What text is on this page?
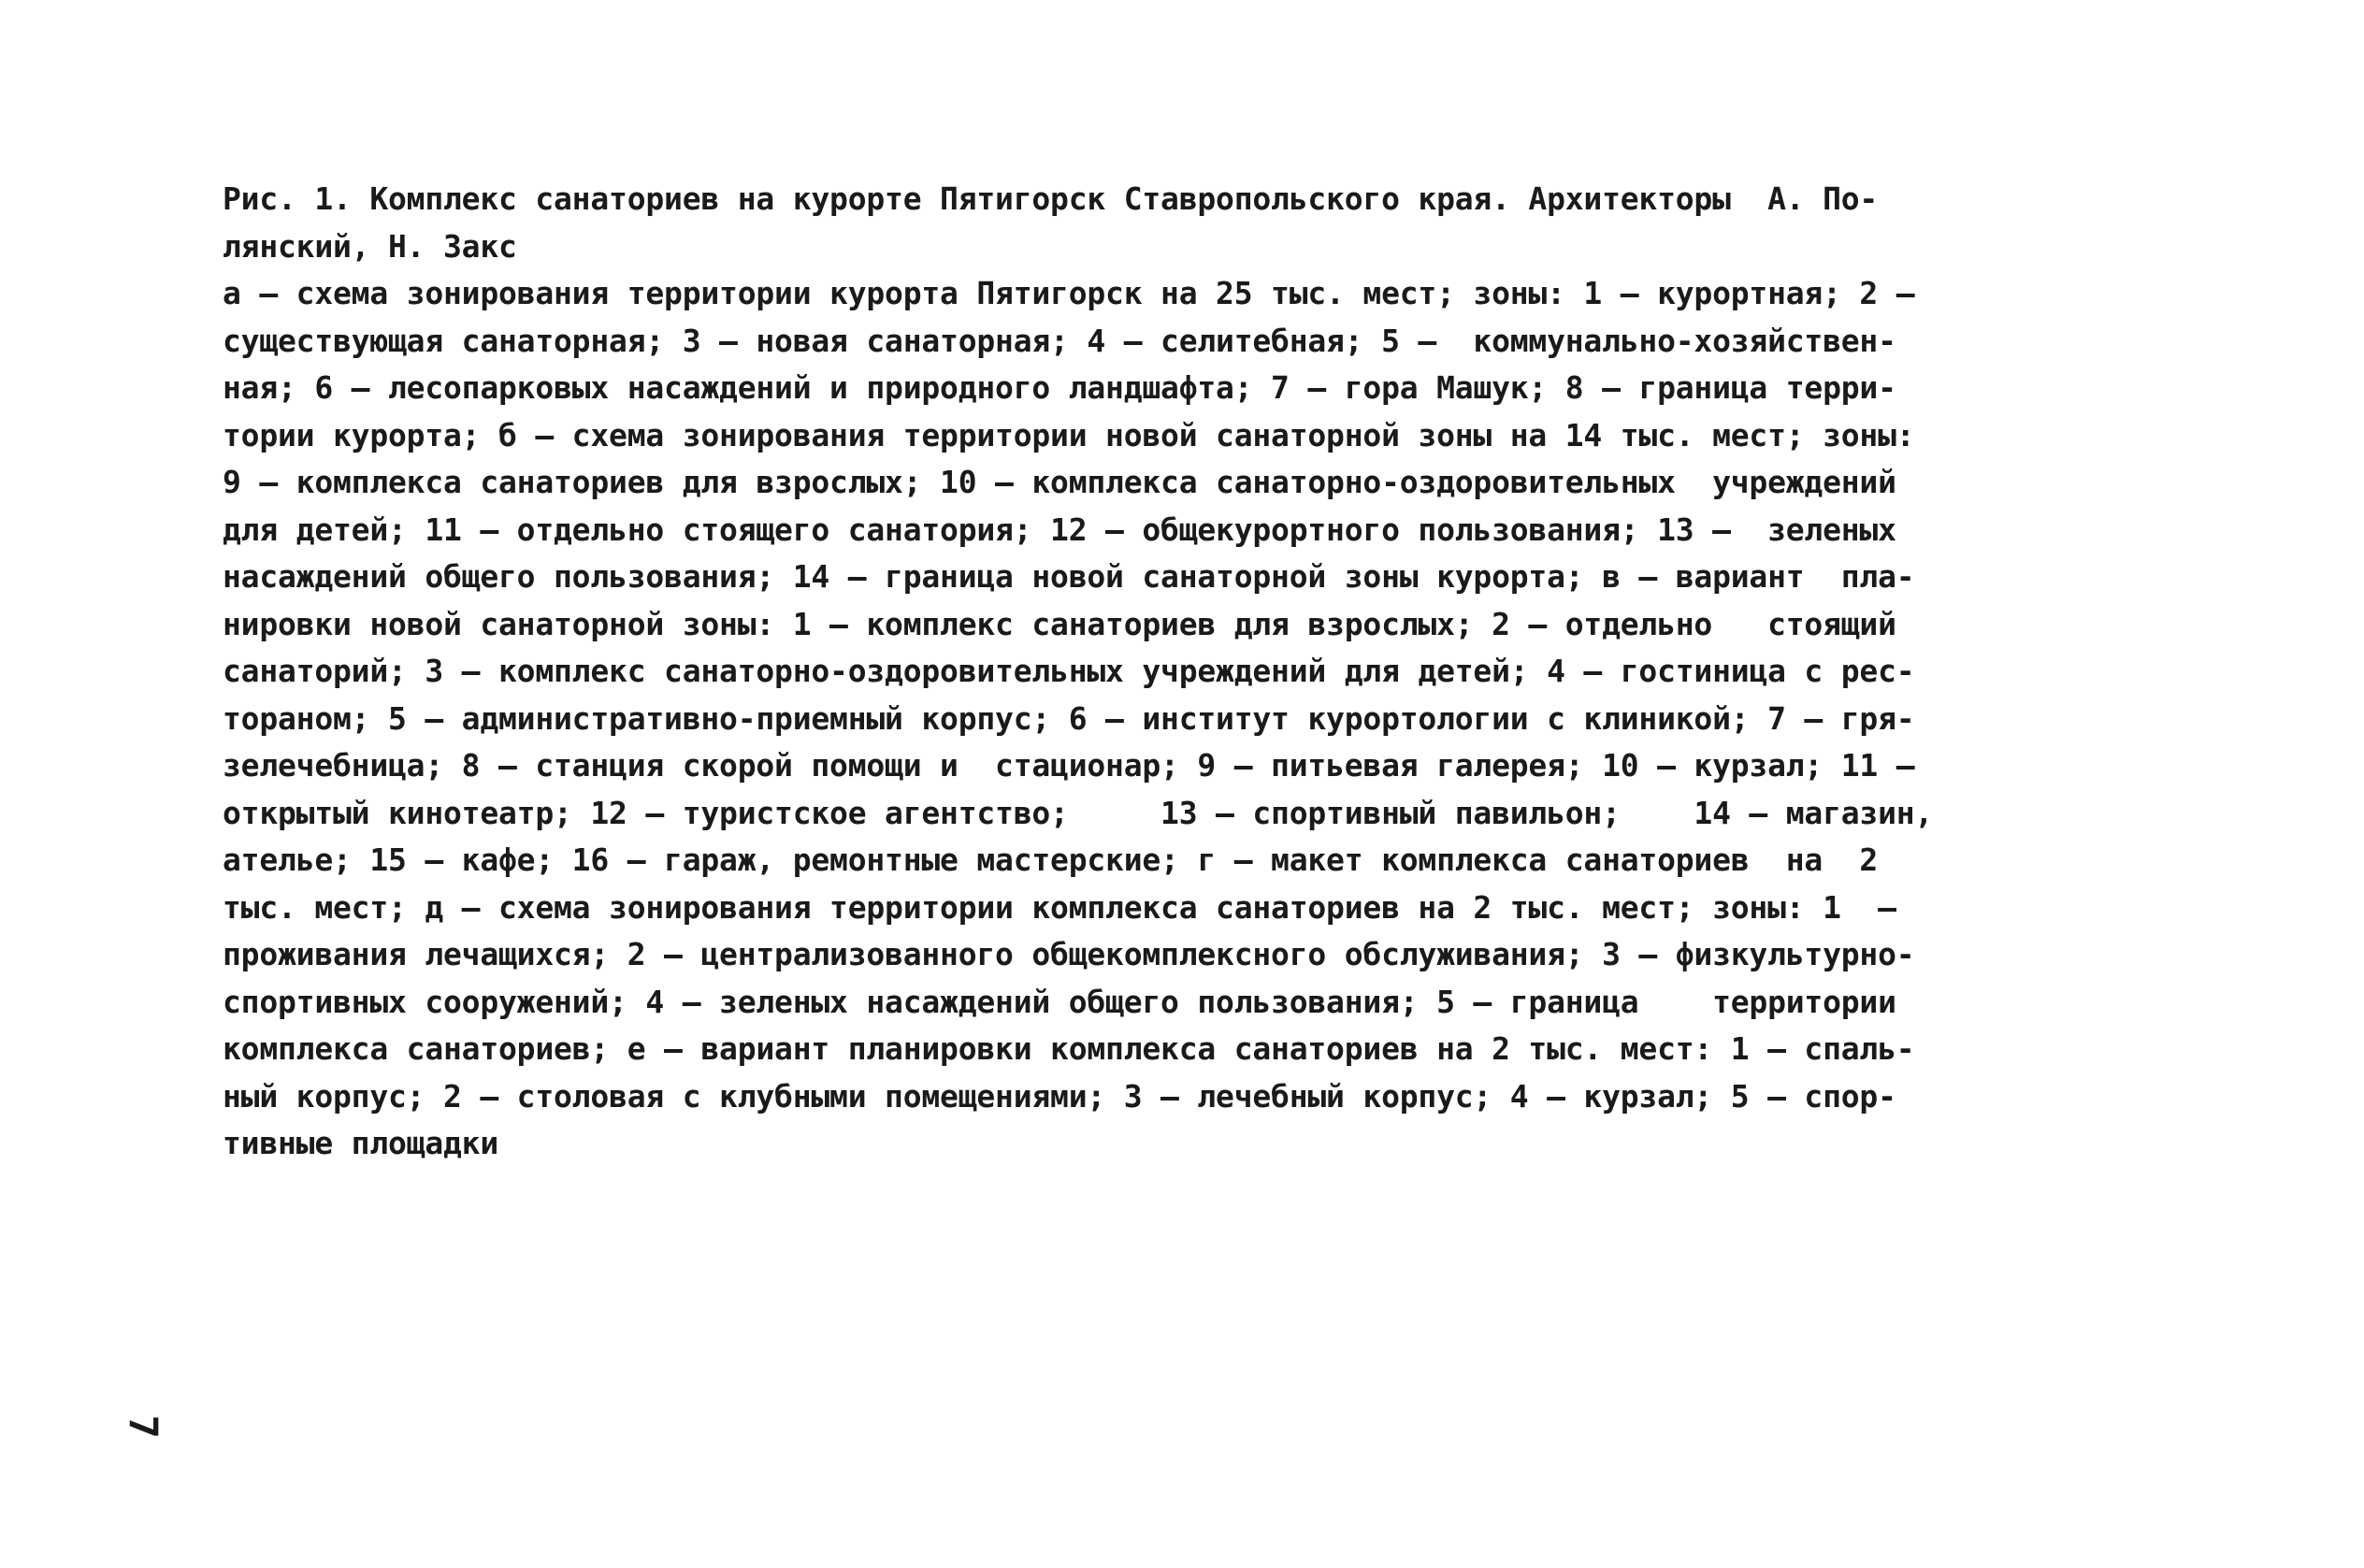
Рис. 1. Комплекс санаториев на курорте Пятигорск Ставропольского края. Архитекторы  А. По-
лянский, Н. Закс
а – схема зонирования территории курорта Пятигорск на 25 тыс. мест; зоны: 1 – курортная; 2 –
существующая санаторная; 3 – новая санаторная; 4 – селитебная; 5 –  коммунально-хозяйствен-
ная; 6 – лесопарковых насаждений и природного ландшафта; 7 – гора Машук; 8 – граница терри-
тории курорта; б – схема зонирования территории новой санаторной зоны на 14 тыс. мест; зоны:
9 – комплекса санаториев для взрослых; 10 – комплекса санаторно-оздоровительных  учреждений
для детей; 11 – отдельно стоящего санатория; 12 – общекурортного пользования; 13 –  зеленых
насаждений общего пользования; 14 – граница новой санаторной зоны курорта; в – вариант  пла-
нировки новой санаторной зоны: 1 – комплекс санаториев для взрослых; 2 – отдельно   стоящий
санаторий; 3 – комплекс санаторно-оздоровительных учреждений для детей; 4 – гостиница с рес-
тораном; 5 – административно-приемный корпус; 6 – институт курортологии с клиникой; 7 – гря-
зелечебница; 8 – станция скорой помощи и  стационар; 9 – питьевая галерея; 10 – курзал; 11 –
открытый кинотеатр; 12 – туристское агентство;     13 – спортивный павильон;    14 – магазин,
ателье; 15 – кафе; 16 – гараж, ремонтные мастерские; г – макет комплекса санаториев  на  2
тыс. мест; д – схема зонирования территории комплекса санаториев на 2 тыс. мест; зоны: 1  –
проживания лечащихся; 2 – централизованного общекомплексного обслуживания; 3 – физкультурно-
спортивных сооружений; 4 – зеленых насаждений общего пользования; 5 – граница    территории
комплекса санаториев; е – вариант планировки комплекса санаториев на 2 тыс. мест: 1 – спаль-
ный корпус; 2 – столовая с клубными помещениями; 3 – лечебный корпус; 4 – курзал; 5 – спор-
тивные площадки
7
